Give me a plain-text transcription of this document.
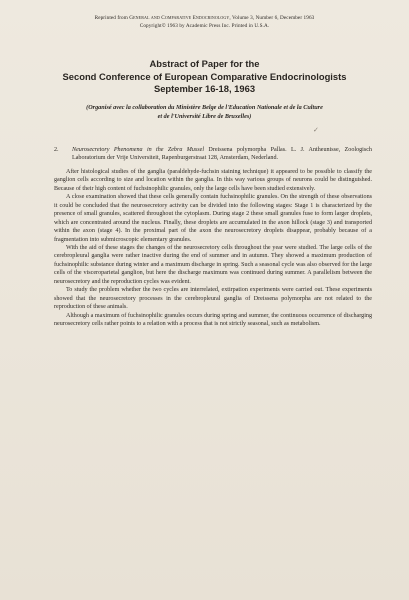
Reprinted from General and Comparative Endocrinology, Volume 3, Number 6, December 1963
Copyright© 1963 by Academic Press Inc. Printed in U.S.A.
Abstract of Paper for the
Second Conference of European Comparative Endocrinologists
September 16-18, 1963
(Organisé avec la collaboration du Ministère Belge de l'Education Nationale et de la Culture
et de l'Université Libre de Bruxelles)
✓

2. Neurosecretory Phenomena in the Zebra Mussel Dreissena polymorpha Pallas. L. J. Antheunisse, Zoologisch Laboratorium der Vrije Universiteit, Rapenburgerstraat 128, Amsterdam, Nederland.

After histological studies of the ganglia (paraldehyde-fuchsin staining technique) it appeared to be possible to classify the ganglion cells according to size and location within the ganglia. In this way various groups of neurons could be distinguished. Because of their high content of fuchsinophilic granules, only the large cells have been studied extensively.

A close examination showed that these cells generally contain fuchsinophilic granules. On the strength of these observations it could be concluded that the neurosecretory activity can be divided into the following stages: Stage 1 is characterized by the presence of small granules, scattered throughout the cytoplasm. During stage 2 these small granules fuse to form larger droplets, which are concentrated around the nucleus. Finally, these droplets are accumulated in the axon hillock (stage 3) and transported within the axon (stage 4). In the proximal part of the axon the neurosecretory droplets disappear, probably because of a fragmentation into submicroscopic elementary granules.

With the aid of these stages the changes of the neurosecretory cells throughout the year were studied. The large cells of the cerebropleural ganglia were rather inactive during the end of summer and in autumn. They showed a maximum production of fuchsinophilic substance during winter and a maximum discharge in spring. Such a seasonal cycle was also observed for the large cells of the visceroparietal ganglion, but here the discharge maximum was continued during summer. A parallelism between the neurosecretory and the reproduction cycles was evident.

To study the problem whether the two cycles are interrelated, extirpation experiments were carried out. These experiments showed that the neurosecretory processes in the cerebropleural ganglia of Dreissena polymorpha are not related to the reproduction of these animals.

Although a maximum of fuchsinophilic granules occurs during spring and summer, the continuous occurrence of discharging neurosecretory cells rather points to a relation with a process that is not strictly seasonal, such as metabolism.
